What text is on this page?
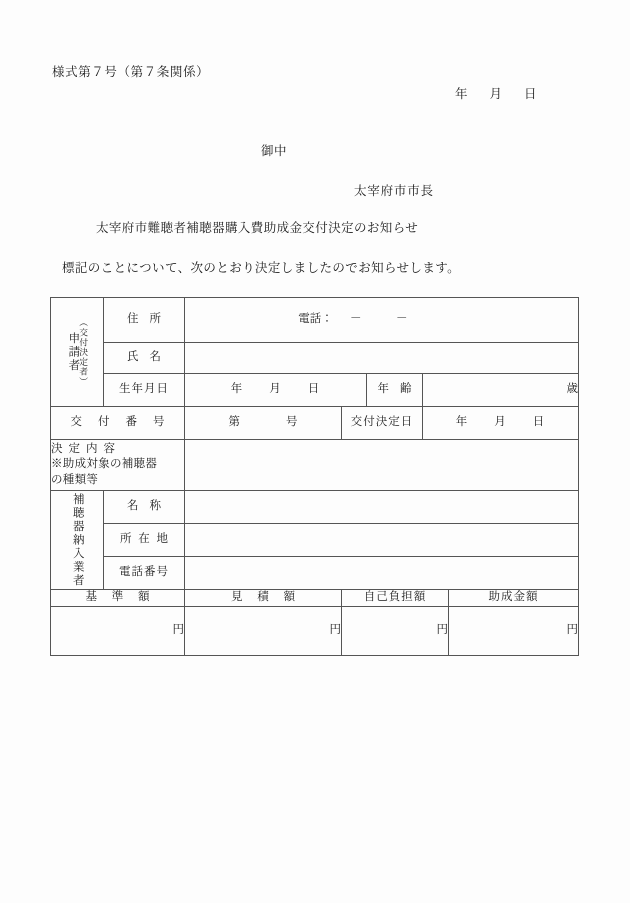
様式第７号（第７条関係）
年 月 日
御中
太宰府市市長
太宰府市難聴者補聴器購入費助成金交付決定のお知らせ
標記のことについて、次のとおり決定しましたのでお知らせします。
（交付決定者）
申請者	住所	電話： － －				

	氏名					
	生年月日	年 月 日		年齢	歳	
交付番号		第 号	交付決定日		年 月 日	

決定内容
※助成対象の補聴器
の種類等						

補聴器納入業者	名称					
	所在地					
	電話番号					
基準額		見積額	自己負担額			助成金額
円		円	円			円
